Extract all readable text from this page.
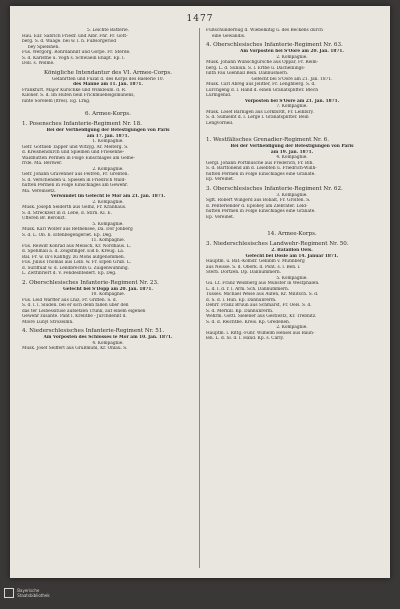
1477
5. Leichte Batterie.
Hau. Ear. Sabrich Friedr. und Albr. Fhr. Fr. Gott-
berg. S. d. Waage. bei w. l. h. Fußsorgeriod
bey Spielshen.
Fus. Wergorg. Rohrdannilt und Gorpe. Fr. Sterde.
S. d. Karlsthe u. Vogh s. Schwaein Ehapt. Ep. l.
Doll. s. Wolme.
Königliche Intendantur des VI. Armee-Corps.
Gefährtten und Fuzat d. des Korps des Baelerie 10.
des Manne am 11. Jan. 1871.
Frankfurt. Major Kurschke und Winkleum. d. R.
Kiloner. S. d. Im Hufen bein Frickmueheigsmunens,
lunte Sorelem (ltres). Eg. Lrng.
6. Armee-Korps.
1. Posensches Infanterie-Regiment Nr. 18.
Bei der Vertheidigung der Befestigungen von Paris
am 17. Jan. 1871.
1. Kompagnie.
Gefr. Gottlieb Tapper und Wltzyg. Ar. Melterg. S.
d. Kreishendurch und Spielnen und Friesenhe-
Waldhütten Permen in Folge Einschläges am Geme-
rrde. Ma. Berlwer.
2. Kompagnie.
Gefr. Johann Gravenner aus Feitren, Fr. Grenten.
S. d. Verschenden u. Spiesen in Friedrich Wald-
hütten Permen in Folge Einschläges am Gewehr.
Ma. Vereinsetz.
Verwundet im Gefecht le Mor am 21. Jan. 1871.
2. Kompagnie.
Musk. Joseph Seiderth aus Gelhz, Fr. Kranhaus.
S. d. Streckzeit in d. Lebe, d. Stirn. Kl. E.
Ufferen Br. Beronzt.
5. Kompagnie.
Musk. Karl Wolfer aus Rethensee, Da. Dor Jonberg
S. d. L. Ob. b. Eltenbegengeriet. Ep. Deg.
11. Kompagnie.
Fus. Reiwilf Konrad aus Melisch, Kr. Nordhaus. L.
d. Spehlhali a. d. Zeigsfinger. Eid b. Kreug. La.
Bal. Fr. w. in's Kahtlgy. zu Mons aufgenommen.
Fus. Julius Thomas aus Lolb. w. Fr. Elpen Gruß. L.
d. Suriffuaf w. d. Lendbrechts u. Zuigenwuhning.
L. Zwtfinriert d. V. Fendeshtedert. Ep. Deg.
2. Oberschlesisches Infanterie-Regiment Nr. 23.
Gefecht bei S'Dopp am 20. Jan. 1871.
10. Kompagnie.
Fus. Leid Warffer aus Lhiz, Fr. Griffen. S. d.
S. d. l. l. Sluden. bei er sich denn fallen über den
das ter Leibessituse aufsetzen Trunk, auf einem eigenen
Gewehr zusähte. Pant l. Krelitbe - Jurchdennt d.
Mlore Lunyl Strozeimn.
4. Niederschlesisches Infanterie-Regiment Nr. 51.
Am Vorposten des Schlosses le Mor am 10. Jan. 1871.
4. Kompagnie.
Musk. Josef Seiffert aus Grüßmühl, Kr. Ohlau. S.
Fußschundernug d. Wiebelkitig u. des Beckens durch
eine Gewandis.
4. Oberschlesisches Infanterie-Regiment Nr. 63.
Am Vorposten bei S'Oore am 20. Jan. 1871.
2. Kompagnie.
Musk. Johann Wunschgursche aus Oppar, Fr. Reim-
berg. L. d. Suniun. S. l. Erfbe u. Dachelnings-
lulth Fau Gienhall Bein. Dannusniern.
Gefecht bei S'Oore am 21. Jan. 1871.
Musk. Carl Abreg aus Jelitter, Fr. Lenghberg. S. d.
Lurchgeng d. l. Hand d. einen Granatsplitter. Blech
Lurmgenid.
Vorposten bei S'Oore am 21. Jan. 1871.
7. Kompagnie.
Musk. Losef Barnigen aus Lorkbirdt, Fr. Leihbiry.
S. d. Sumiemt d. l. Lerge l. Granatsplitter. Bein
Lengvorheil.
1. Westfälisches Grenadier-Regiment Nr. 6.
Bei der Vertheidigung der Befestigungen von Paris
am 19. Jan. 1871.
4. Kompagnie.
Gergl. Johann Portmusche aus Frederich, Fr. Blh.
S. d. Barttonend am d. Leiebten u. Friedrich-Willh-
hütten Permen in Folge Einschläges eine Granate.
Ep. Vereinet.
3. Oberschlesisches Infanterie-Regiment Nr. 62.
3. Kompagnie.
Sgft. Robert Wingerd aus Bobalt, Fr. Grolten. S.
d. Penterlender d. Eplobey am Zlebrater. Leld-
hütten Permen in Folge Einschläges eine Granate.
Ep. Vereinet.
14. Armee-Korps.
3. Niederschlesisches Landwehr-Regiment Nr. 50.
2. Bataillon Oels.
Gefecht bei Dosle am 14. Januar 1871.
Hauptm. u. Bat.-Komdr. Gellinm v. Münnberg
aus Neisse. S. d. Oberk. d. Pont. s. l. Beh. l.
Sterb. Dortzen. Dp. Dannummern.
5. Kompagnie.
Gu. Lt. Franz Weißberg aus Münster in Westphalen.
L. d. l. d. r. l. Arm. Sch. Dannummern.
Tusses. Michael Weise aus Aufen, Kr. Militsch. S. d.
d. S. d. l. Hün. Ep. Dannunrerm.
Dehrr. Franz Bruun aus Schmarst, Fr. Oels. S. d.
S. d. Merkill. Kp. Dannunrerm.
Wehrm. Gottl. Sielener aus Gestiwitz, Kr. Trebnitz.
S. d. d. Reichtbe. Kreis. Kp. Gredenen.
2. Kompagnie.
Hauptm. i. Rittg.-Führ. Wilhelm Hensel aus Bauh-
len. L. d. Sl. d. l. Hand. Kp. s. Carly.

Bayerische
Staatsbibliothek
